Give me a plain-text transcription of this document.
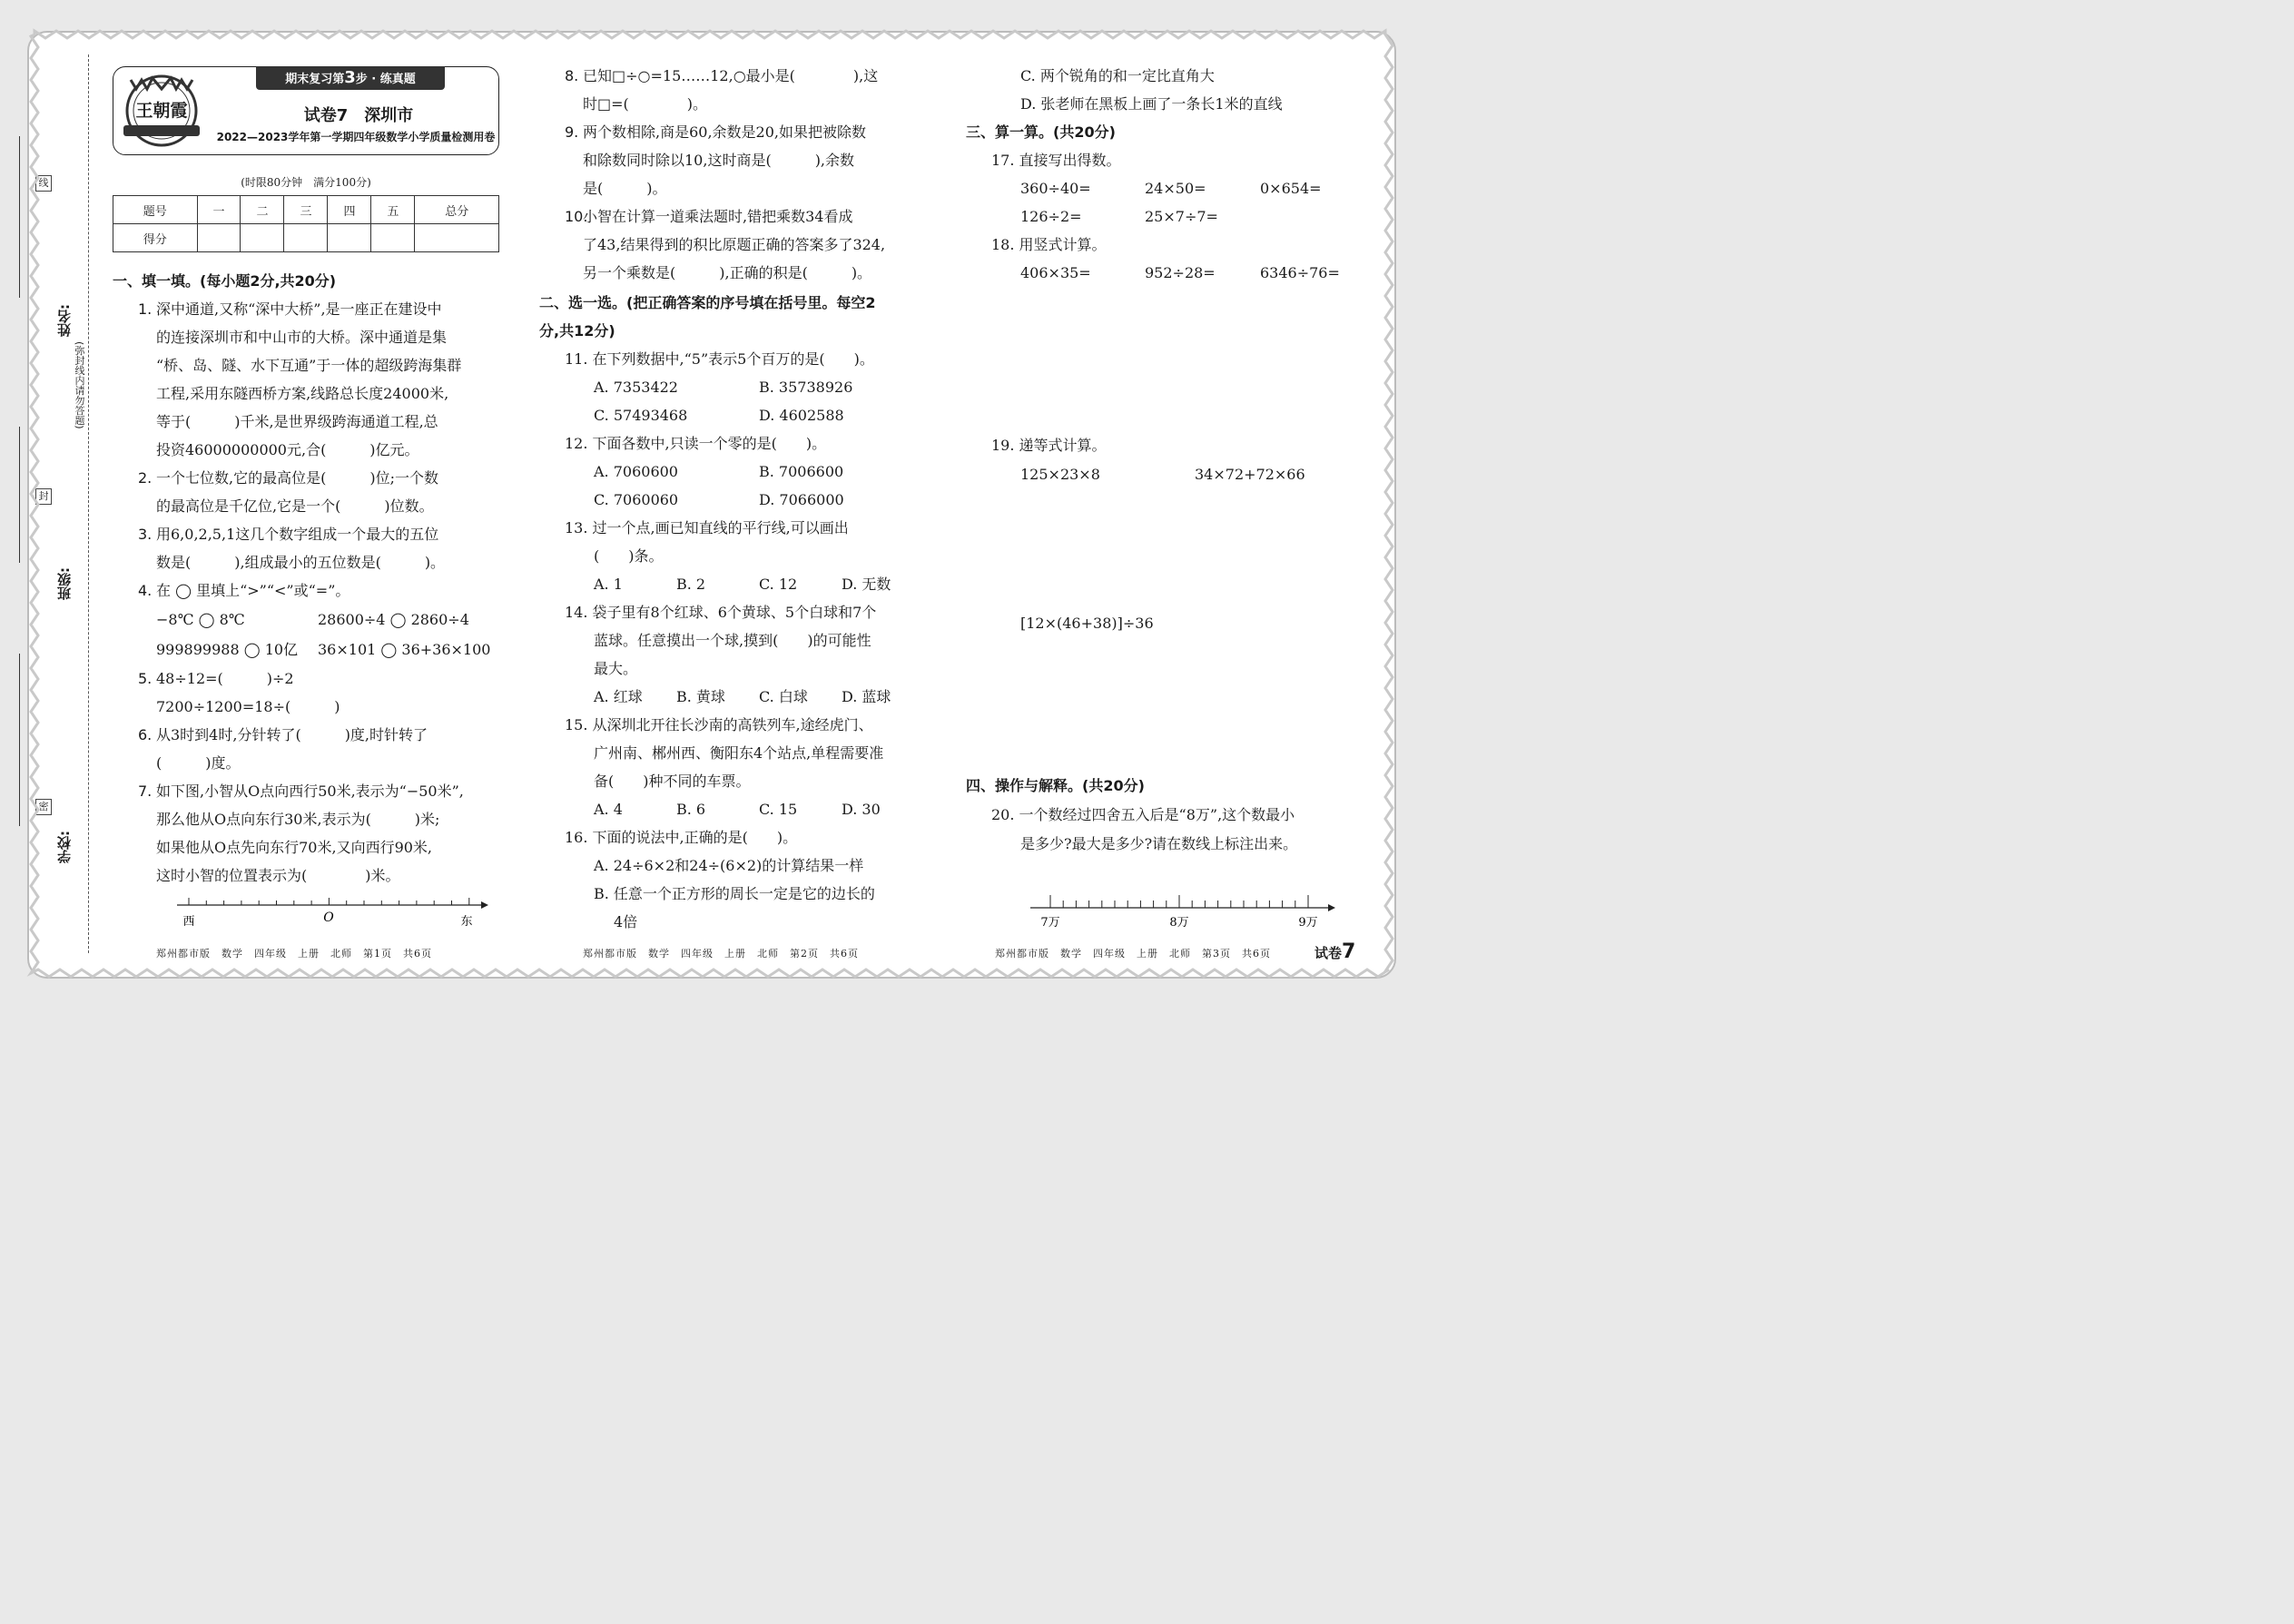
姓名:
班级:
学校:
线
封
密
(弥封线内请勿答题)
王朝霞
期末复习第3步 · 练真题
试卷7　深圳市
2022—2023学年第一学期四年级数学小学质量检测用卷
(时限80分钟　满分100分)
题号	一	二	三	四	五	总分
得分						
一、填一填。(每小题2分,共20分)
1. 深中通道,又称“深中大桥”,是一座正在建设中
的连接深圳市和中山市的大桥。深中通道是集
“桥、岛、隧、水下互通”于一体的超级跨海集群
工程,采用东隧西桥方案,线路总长度24000米,
等于(　　　)千米,是世界级跨海通道工程,总
投资46000000000元,合(　　　)亿元。
2. 一个七位数,它的最高位是(　　　)位;一个数
的最高位是千亿位,它是一个(　　　)位数。
3. 用6,0,2,5,1这几个数字组成一个最大的五位
数是(　　　),组成最小的五位数是(　　　)。
4. 在 ◯ 里填上“>”“<”或“=”。
−8℃ ◯ 8℃	28600÷4 ◯ 2860÷4
999899988 ◯ 10亿	36×101 ◯ 36+36×100
5. 48÷12=(　　　)÷2
7200÷1200=18÷(　　　)
6. 从3时到4时,分针转了(　　　)度,时针转了
(　　　)度。
7. 如下图,小智从O点向西行50米,表示为“−50米”,
那么他从O点向东行30米,表示为(　　　)米;
如果他从O点先向东行70米,又向西行90米,
这时小智的位置表示为(　　　　)米。
西	O	东
8. 已知□÷○=15……12,○最小是(　　　　),这
时□=(　　　　)。
9. 两个数相除,商是60,余数是20,如果把被除数
和除数同时除以10,这时商是(　　　),余数
是(　　　)。
10.
小智在计算一道乘法题时,错把乘数34看成
了43,结果得到的积比原题正确的答案多了324,
另一个乘数是(　　　),正确的积是(　　　)。
二、选一选。(把正确答案的序号填在括号里。每空2
分,共12分)
11. 在下列数据中,“5”表示5个百万的是(　　)。
A. 7353422	B. 35738926
C. 57493468	D. 4602588
12. 下面各数中,只读一个零的是(　　)。
A. 7060600	B. 7006600
C. 7060060	D. 7066000
13. 过一个点,画已知直线的平行线,可以画出
(　　)条。
A. 1	B. 2	C. 12	D. 无数
14. 袋子里有8个红球、6个黄球、5个白球和7个
蓝球。任意摸出一个球,摸到(　　)的可能性
最大。
A. 红球	B. 黄球	C. 白球	D. 蓝球
15. 从深圳北开往长沙南的高铁列车,途经虎门、
广州南、郴州西、衡阳东4个站点,单程需要准
备(　　)种不同的车票。
A. 4	B. 6	C. 15	D. 30
16. 下面的说法中,正确的是(　　)。
A. 24÷6×2和24÷(6×2)的计算结果一样
B. 任意一个正方形的周长一定是它的边长的
4倍
C. 两个锐角的和一定比直角大
D. 张老师在黑板上画了一条长1米的直线
三、算一算。(共20分)
17. 直接写出得数。
360÷40=	24×50=	0×654=
126÷2=	25×7÷7=
18. 用竖式计算。
406×35=	952÷28=	6346÷76=
19. 递等式计算。
125×23×8	34×72+72×66
[12×(46+38)]÷36
四、操作与解释。(共20分)
20. 一个数经过四舍五入后是“8万”,这个数最小
是多少?最大是多少?请在数线上标注出来。
7万	8万	9万
郑州都市版　数学　四年级　上册　北师　第1页　共6页	郑州都市版　数学　四年级　上册　北师　第2页　共6页	郑州都市版　数学　四年级　上册　北师　第3页　共6页	试卷7
